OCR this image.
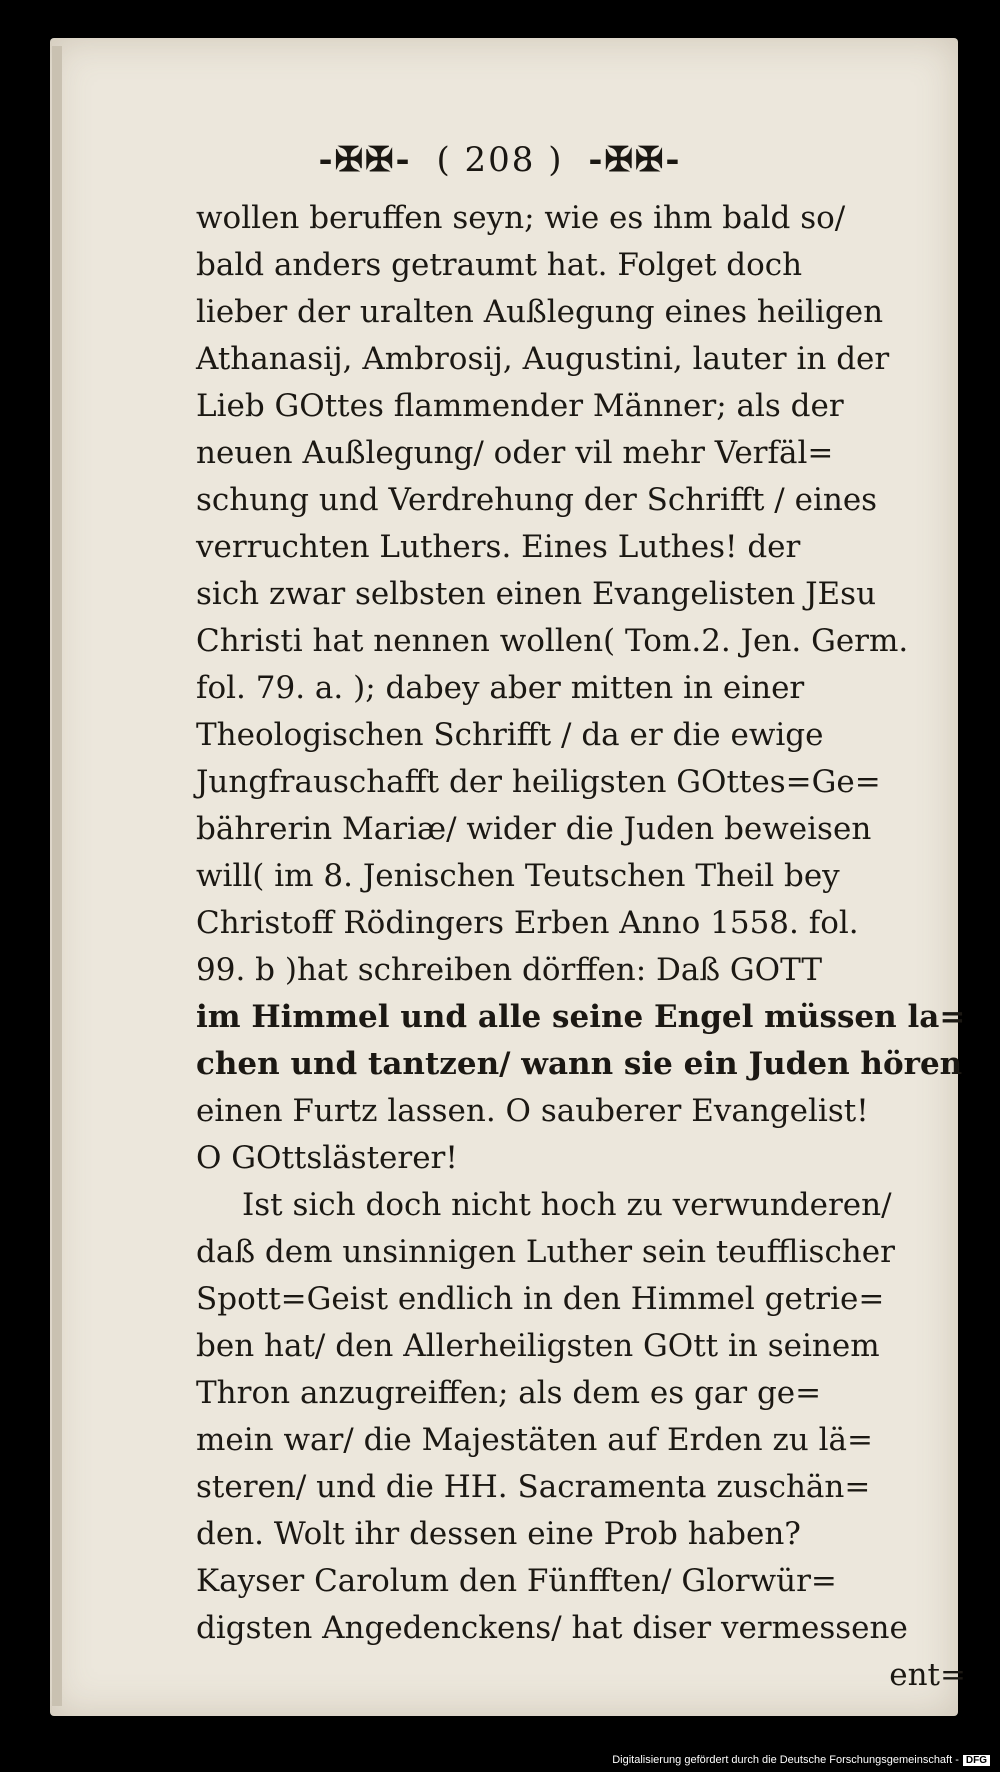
-✠✠- ( 208 ) -✠✠-
wollen beruffen seyn; wie es ihm bald so/
bald anders getraumt hat. Folget doch
lieber der uralten Außlegung eines heiligen
Athanasij, Ambrosij, Augustini, lauter in der
Lieb GOttes flammender Männer; als der
neuen Außlegung/ oder vil mehr Verfäl=
schung und Verdrehung der Schrifft / eines
verruchten Luthers. Eines Luthes! der
sich zwar selbsten einen Evangelisten JEsu
Christi hat nennen wollen( Tom.2. Jen. Germ.
fol. 79. a. ); dabey aber mitten in einer
Theologischen Schrifft / da er die ewige
Jungfrauschafft der heiligsten GOttes=Ge=
bährerin Mariæ/ wider die Juden beweisen
will( im 8. Jenischen Teutschen Theil bey
Christoff Rödingers Erben Anno 1558. fol.
99. b )hat schreiben dörffen: Daß GOTT
im Himmel und alle seine Engel müssen la=
chen und tantzen/ wann sie ein Juden hören
einen Furtz lassen. O sauberer Evangelist!
O GOttslästerer!
Ist sich doch nicht hoch zu verwunderen/
daß dem unsinnigen Luther sein teufflischer
Spott=Geist endlich in den Himmel getrie=
ben hat/ den Allerheiligsten GOtt in seinem
Thron anzugreiffen; als dem es gar ge=
mein war/ die Majestäten auf Erden zu lä=
steren/ und die HH. Sacramenta zuschän=
den. Wolt ihr dessen eine Prob haben?
Kayser Carolum den Fünfften/ Glorwür=
digsten Angedenckens/ hat diser vermessene
ent=
Digitalisierung gefördert durch die Deutsche Forschungsgemeinschaft - DFG
